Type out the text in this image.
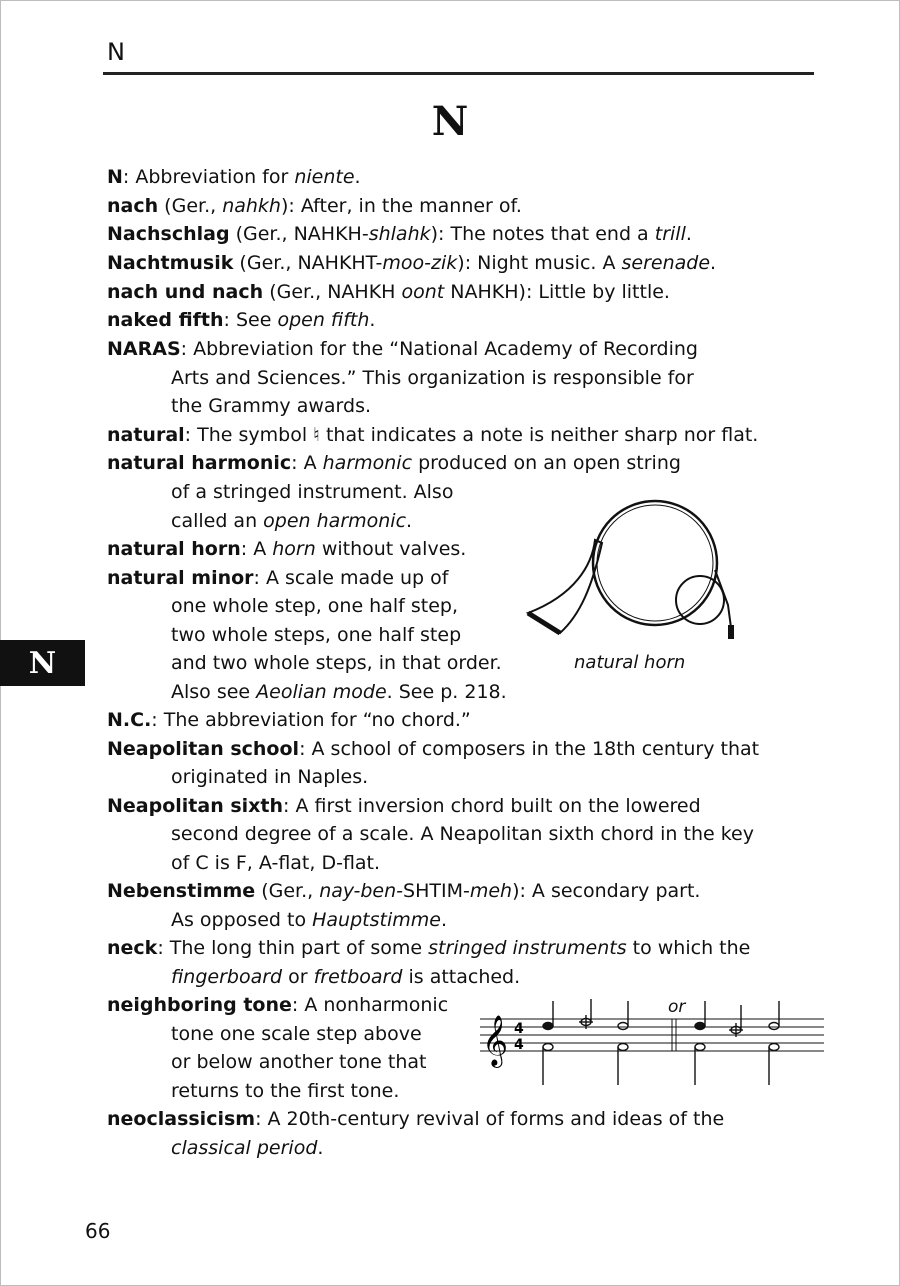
N
N
N
N: Abbreviation for niente.
nach (Ger., nahkh): After, in the manner of.
Nachschlag (Ger., NAHKH-shlahk): The notes that end a trill.
Nachtmusik (Ger., NAHKHT-moo-zik): Night music. A serenade.
nach und nach (Ger., NAHKH oont NAHKH): Little by little.
naked fifth: See open fifth.
NARAS: Abbreviation for the “National Academy of Recording
Arts and Sciences.” This organization is responsible for
the Grammy awards.
natural: The symbol ♮ that indicates a note is neither sharp nor flat.
natural harmonic: A harmonic produced on an open string
of a stringed instrument. Also
called an open harmonic.
natural horn: A horn without valves.
natural minor: A scale made up of
one whole step, one half step,
two whole steps, one half step
and two whole steps, in that order.
Also see Aeolian mode. See p. 218.
N.C.: The abbreviation for “no chord.”
Neapolitan school: A school of composers in the 18th century that
originated in Naples.
Neapolitan sixth: A first inversion chord built on the lowered
second degree of a scale. A Neapolitan sixth chord in the key
of C is F, A-flat, D-flat.
Nebenstimme (Ger., nay-ben-SHTIM-meh): A secondary part.
As opposed to Hauptstimme.
neck: The long thin part of some stringed instruments to which the
fingerboard or fretboard is attached.
neighboring tone: A nonharmonic
tone one scale step above
or below another tone that
returns to the first tone.
neoclassicism: A 20th-century revival of forms and ideas of the
classical period.
natural horn
or
𝄞 4
4
66
